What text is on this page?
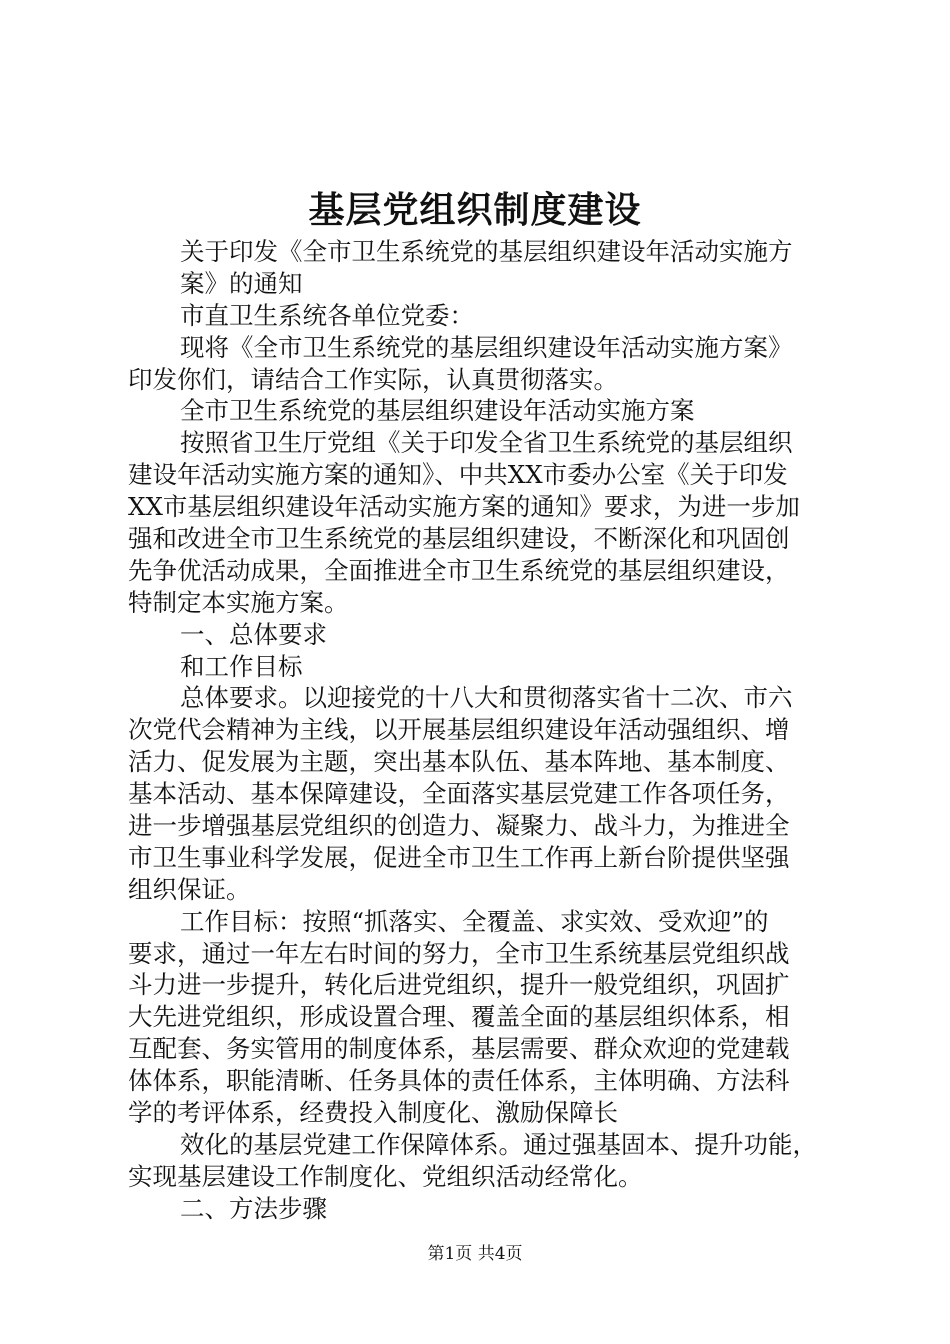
基层党组织制度建设
关于印发《全市卫生系统党的基层组织建设年活动实施方
案》的通知
市直卫生系统各单位党委：
现将《全市卫生系统党的基层组织建设年活动实施方案》
印发你们，请结合工作实际，认真贯彻落实。
全市卫生系统党的基层组织建设年活动实施方案
按照省卫生厅党组《关于印发全省卫生系统党的基层组织
建设年活动实施方案的通知》、中共XX市委办公室《关于印发
XX市基层组织建设年活动实施方案的通知》要求，为进一步加
强和改进全市卫生系统党的基层组织建设，不断深化和巩固创
先争优活动成果，全面推进全市卫生系统党的基层组织建设，
特制定本实施方案。
一、总体要求
和工作目标
总体要求。以迎接党的十八大和贯彻落实省十二次、市六
次党代会精神为主线，以开展基层组织建设年活动强组织、增
活力、促发展为主题，突出基本队伍、基本阵地、基本制度、
基本活动、基本保障建设，全面落实基层党建工作各项任务，
进一步增强基层党组织的创造力、凝聚力、战斗力，为推进全
市卫生事业科学发展，促进全市卫生工作再上新台阶提供坚强
组织保证。
工作目标：按照“抓落实、全覆盖、求实效、受欢迎”的
要求，通过一年左右时间的努力，全市卫生系统基层党组织战
斗力进一步提升，转化后进党组织，提升一般党组织，巩固扩
大先进党组织，形成设置合理、覆盖全面的基层组织体系，相
互配套、务实管用的制度体系，基层需要、群众欢迎的党建载
体体系，职能清晰、任务具体的责任体系，主体明确、方法科
学的考评体系，经费投入制度化、激励保障长
效化的基层党建工作保障体系。通过强基固本、提升功能，
实现基层建设工作制度化、党组织活动经常化。
二、方法步骤
第1页 共4页
